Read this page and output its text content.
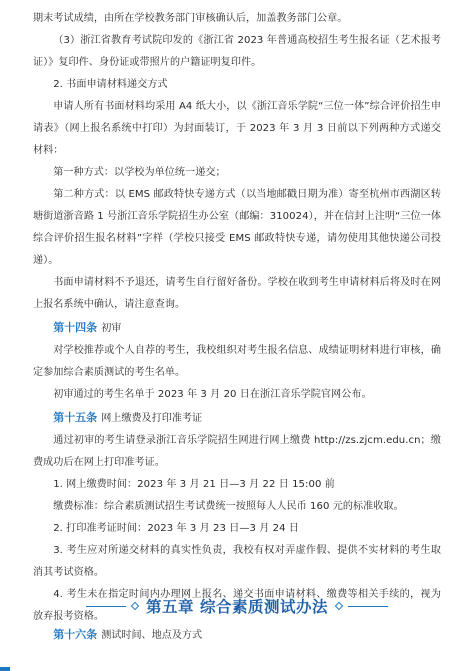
期末考试成绩，由所在学校教务部门审核确认后，加盖教务部门公章。

（3）浙江省教育考试院印发的《浙江省 2023 年普通高校招生考生报名证（艺术报考证）》复印件、身份证或带照片的户籍证明复印件。

2. 书面申请材料递交方式

申请人所有书面材料均采用 A4 纸大小，以《浙江音乐学院“三位一体”综合评价招生申请表》（网上报名系统中打印）为封面装订，于 2023 年 3 月 3 日前以下列两种方式递交材料：

第一种方式：以学校为单位统一递交；

第二种方式：以 EMS 邮政特快专递方式（以当地邮戳日期为准）寄至杭州市西湖区转塘街道浙音路 1 号浙江音乐学院招生办公室（邮编：310024），并在信封上注明“三位一体综合评价招生报名材料”字样（学校只接受 EMS 邮政特快专递，请勿使用其他快递公司投递）。

书面申请材料不予退还，请考生自行留好备份。学校在收到考生申请材料后将及时在网上报名系统中确认，请注意查询。

第十四条 初审

对学校推荐或个人自荐的考生，我校组织对考生报名信息、成绩证明材料进行审核，确定参加综合素质测试的考生名单。

初审通过的考生名单于 2023 年 3 月 20 日在浙江音乐学院官网公布。

第十五条 网上缴费及打印准考证

通过初审的考生请登录浙江音乐学院招生网进行网上缴费 http://zs.zjcm.edu.cn；缴费成功后在网上打印准考证。

1. 网上缴费时间：2023 年 3 月 21 日—3 月 22 日 15:00 前

缴费标准：综合素质测试招生考试费统一按照每人人民币 160 元的标准收取。

2. 打印准考证时间：2023 年 3 月 23 日—3 月 24 日

3. 考生应对所递交材料的真实性负责，我校有权对弄虚作假、提供不实材料的考生取消其考试资格。

4. 考生未在指定时间内办理网上报名、递交书面申请材料、缴费等相关手续的，视为放弃报考资格。

第五章 综合素质测试办法

第十六条 测试时间、地点及方式
